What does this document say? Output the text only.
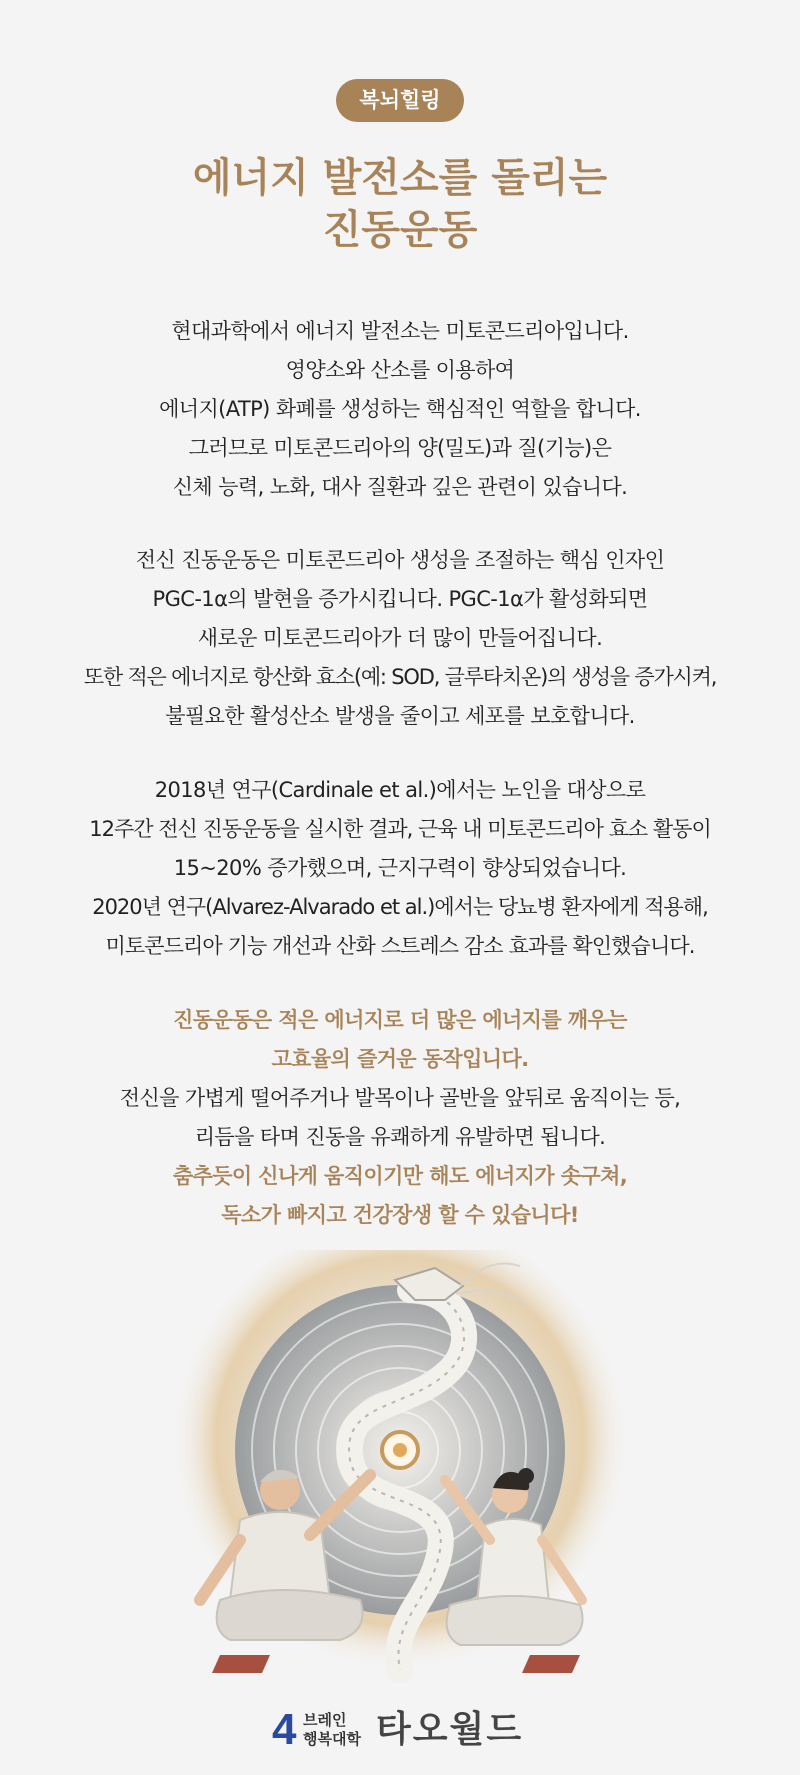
복뇌힐링
에너지 발전소를 돌리는
진동운동
현대과학에서 에너지 발전소는 미토콘드리아입니다.
영양소와 산소를 이용하여
에너지(ATP) 화폐를 생성하는 핵심적인 역할을 합니다.
그러므로 미토콘드리아의 양(밀도)과 질(기능)은
신체 능력, 노화, 대사 질환과 깊은 관련이 있습니다.
전신 진동운동은 미토콘드리아 생성을 조절하는 핵심 인자인
PGC-1α의 발현을 증가시킵니다. PGC-1α가 활성화되면
새로운 미토콘드리아가 더 많이 만들어집니다.
또한 적은 에너지로 항산화 효소(예: SOD, 글루타치온)의 생성을 증가시켜,
불필요한 활성산소 발생을 줄이고 세포를 보호합니다.
2018년 연구(Cardinale et al.)에서는 노인을 대상으로
12주간 전신 진동운동을 실시한 결과, 근육 내 미토콘드리아 효소 활동이
15~20% 증가했으며, 근지구력이 향상되었습니다.
2020년 연구(Alvarez-Alvarado et al.)에서는 당뇨병 환자에게 적용해,
미토콘드리아 기능 개선과 산화 스트레스 감소 효과를 확인했습니다.
진동운동은 적은 에너지로 더 많은 에너지를 깨우는
고효율의 즐거운 동작입니다.
전신을 가볍게 떨어주거나 발목이나 골반을 앞뒤로 움직이는 등,
리듬을 타며 진동을 유쾌하게 유발하면 됩니다.
춤추듯이 신나게 움직이기만 해도 에너지가 솟구쳐,
독소가 빠지고 건강장생 할 수 있습니다!
4 브레인
행복대학 타오월드
